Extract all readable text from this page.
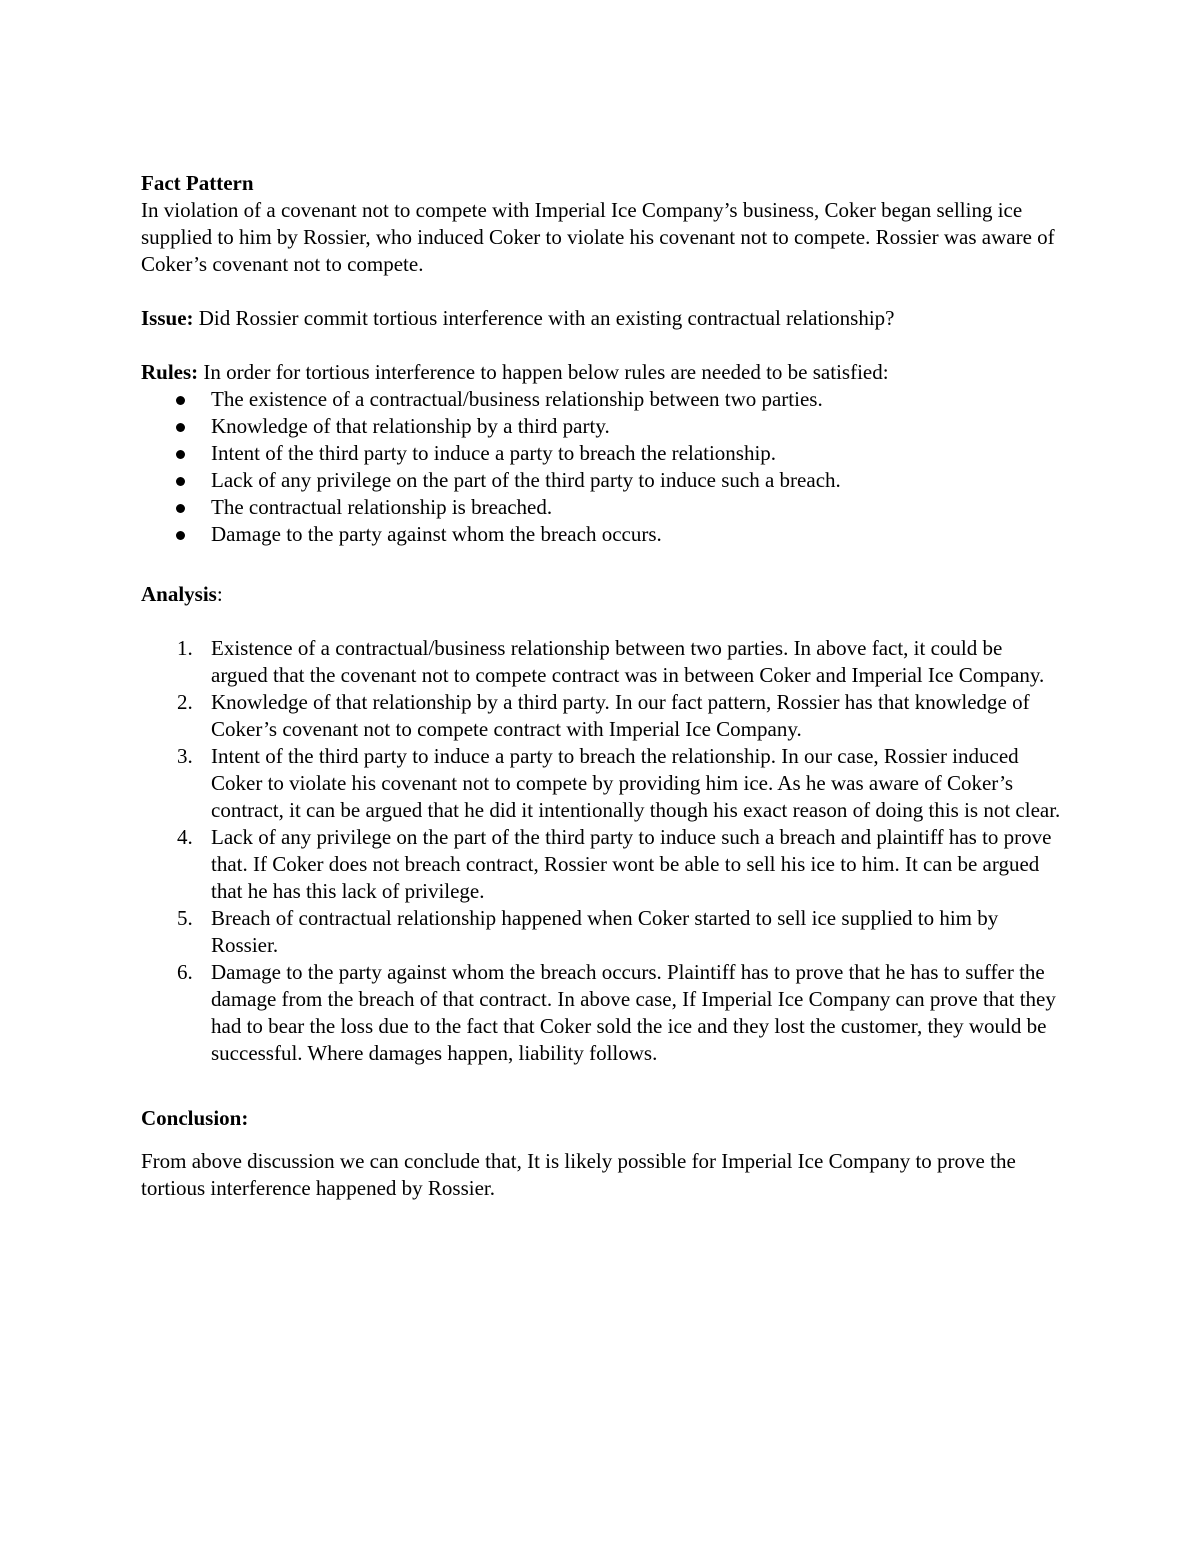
Fact Pattern
In violation of a covenant not to compete with Imperial Ice Company’s business, Coker began selling ice supplied to him by Rossier, who induced Coker to violate his covenant not to compete. Rossier was aware of Coker’s covenant not to compete.
Issue: Did Rossier commit tortious interference with an existing contractual relationship?
Rules: In order for tortious interference to happen below rules are needed to be satisfied:
The existence of a contractual/business relationship between two parties.
Knowledge of that relationship by a third party.
Intent of the third party to induce a party to breach the relationship.
Lack of any privilege on the part of the third party to induce such a breach.
The contractual relationship is breached.
Damage to the party against whom the breach occurs.
Analysis:
1. Existence of a contractual/business relationship between two parties. In above fact, it could be argued that the covenant not to compete contract was in between Coker and Imperial Ice Company.
2. Knowledge of that relationship by a third party. In our fact pattern, Rossier has that knowledge of Coker’s covenant not to compete contract with Imperial Ice Company.
3. Intent of the third party to induce a party to breach the relationship. In our case, Rossier induced Coker to violate his covenant not to compete by providing him ice. As he was aware of Coker’s contract, it can be argued that he did it intentionally though his exact reason of doing this is not clear.
4. Lack of any privilege on the part of the third party to induce such a breach and plaintiff has to prove that. If Coker does not breach contract, Rossier wont be able to sell his ice to him. It can be argued that he has this lack of privilege.
5. Breach of contractual relationship happened when Coker started to sell ice supplied to him by Rossier.
6. Damage to the party against whom the breach occurs. Plaintiff has to prove that he has to suffer the damage from the breach of that contract. In above case, If Imperial Ice Company can prove that they had to bear the loss due to the fact that Coker sold the ice and they lost the customer, they would be successful. Where damages happen, liability follows.
Conclusion:
From above discussion we can conclude that, It is likely possible for Imperial Ice Company to prove the tortious interference happened by Rossier.
